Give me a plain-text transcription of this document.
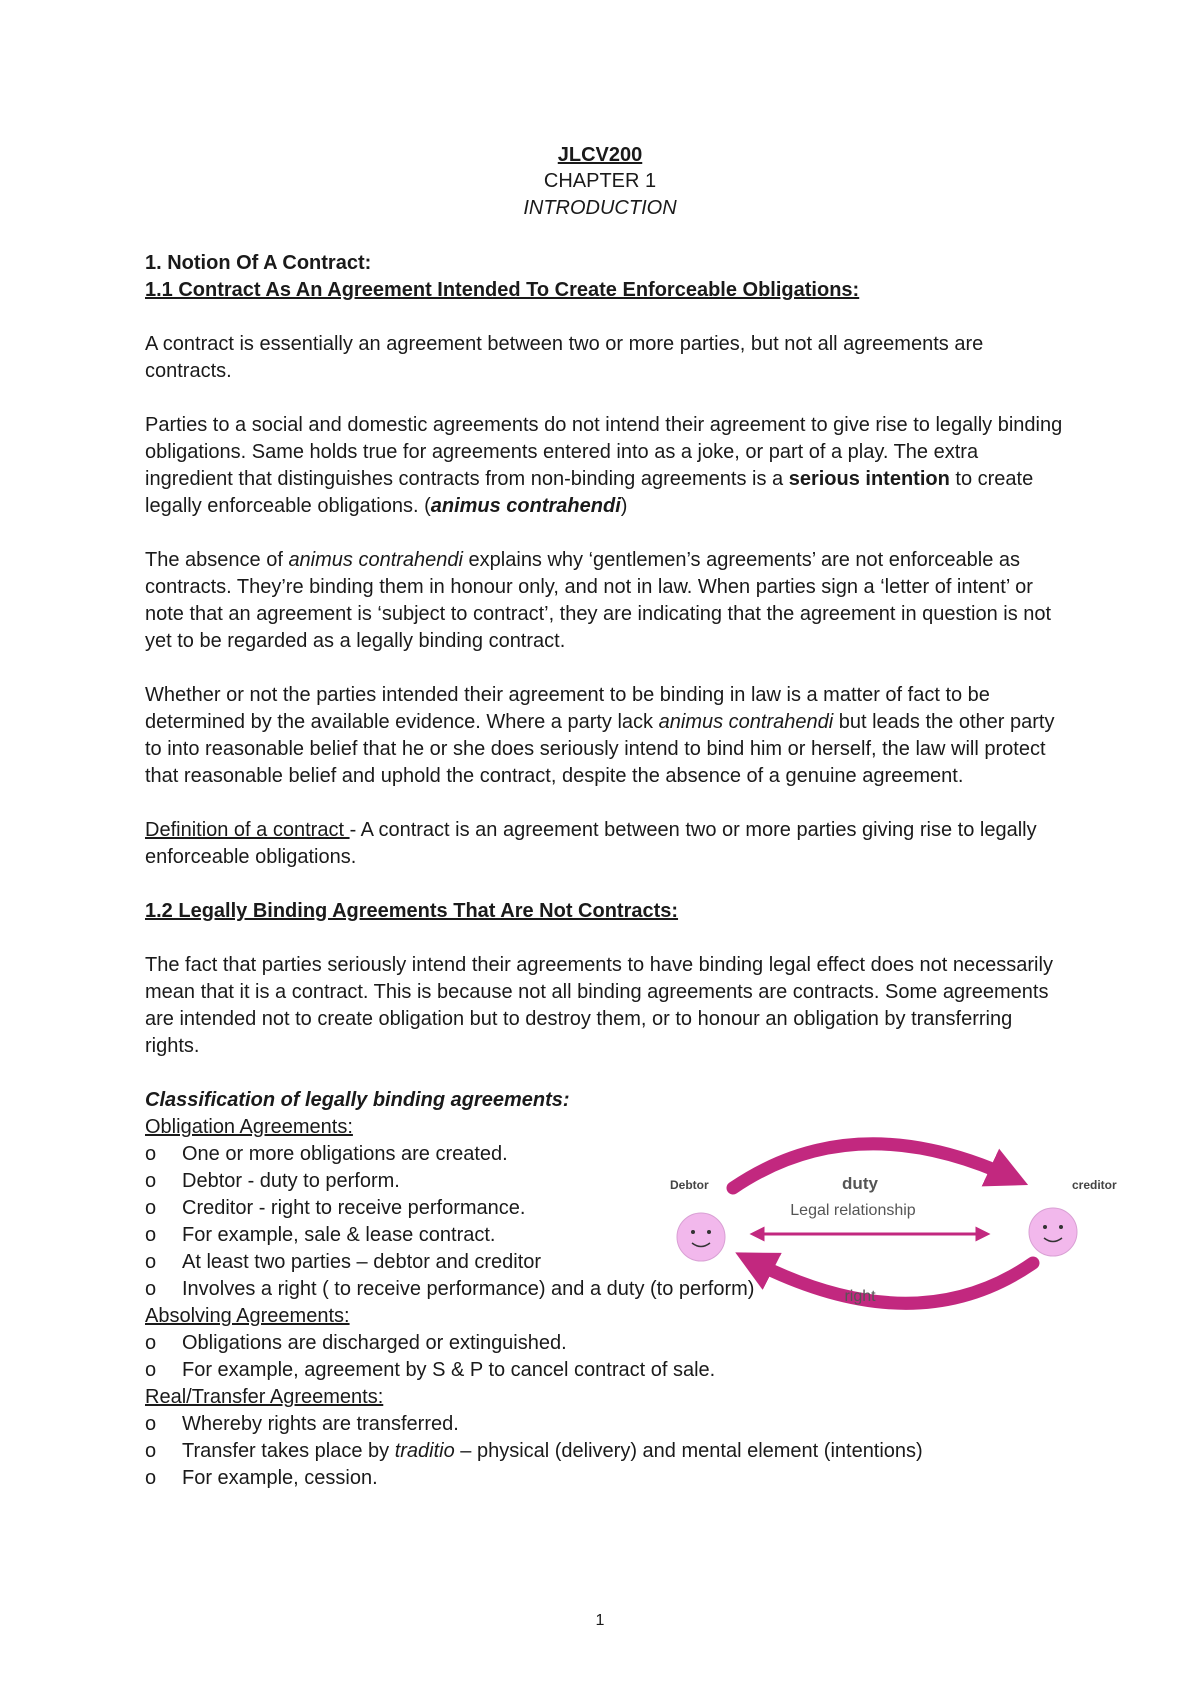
JLCV200
CHAPTER 1
INTRODUCTION

1. Notion Of A Contract:

1.1 Contract As An Agreement Intended To Create Enforceable Obligations:

A contract is essentially an agreement between two or more parties, but not all agreements are contracts.

Parties to a social and domestic agreements do not intend their agreement to give rise to legally binding obligations. Same holds true for agreements entered into as a joke, or part of a play. The extra ingredient that distinguishes contracts from non-binding agreements is a serious intention to create legally enforceable obligations. (animus contrahendi)

The absence of animus contrahendi explains why ‘gentlemen’s agreements’ are not enforceable as contracts. They’re binding them in honour only, and not in law. When parties sign a ‘letter of intent’ or note that an agreement is ‘subject to contract’, they are indicating that the agreement in question is not yet to be regarded as a legally binding contract.

Whether or not the parties intended their agreement to be binding in law is a matter of fact to be determined by the available evidence. Where a party lack animus contrahendi but leads the other party to into reasonable belief that he or she does seriously intend to bind him or herself, the law will protect that reasonable belief and uphold the contract, despite the absence of a genuine agreement.

Definition of a contract - A contract is an agreement between two or more parties giving rise to legally enforceable obligations.

1.2 Legally Binding Agreements That Are Not Contracts:

The fact that parties seriously intend their agreements to have binding legal effect does not necessarily mean that it is a contract. This is because not all binding agreements are contracts. Some agreements are intended not to create obligation but to destroy them, or to honour an obligation by transferring rights.

Classification of legally binding agreements:

Obligation Agreements:

o One or more obligations are created.

o Debtor - duty to perform.

o Creditor - right to receive performance.

o For example, sale & lease contract.

o At least two parties – debtor and creditor

o Involves a right ( to receive performance) and a duty (to perform)

Absolving Agreements:

o Obligations are discharged or extinguished.

o For example, agreement by S & P to cancel contract of sale.

Real/Transfer Agreements:

o Whereby rights are transferred.

o Transfer takes place by traditio – physical (delivery) and mental element (intentions)

o For example, cession.

Debtor	creditor
duty
Legal relationship
right
1
